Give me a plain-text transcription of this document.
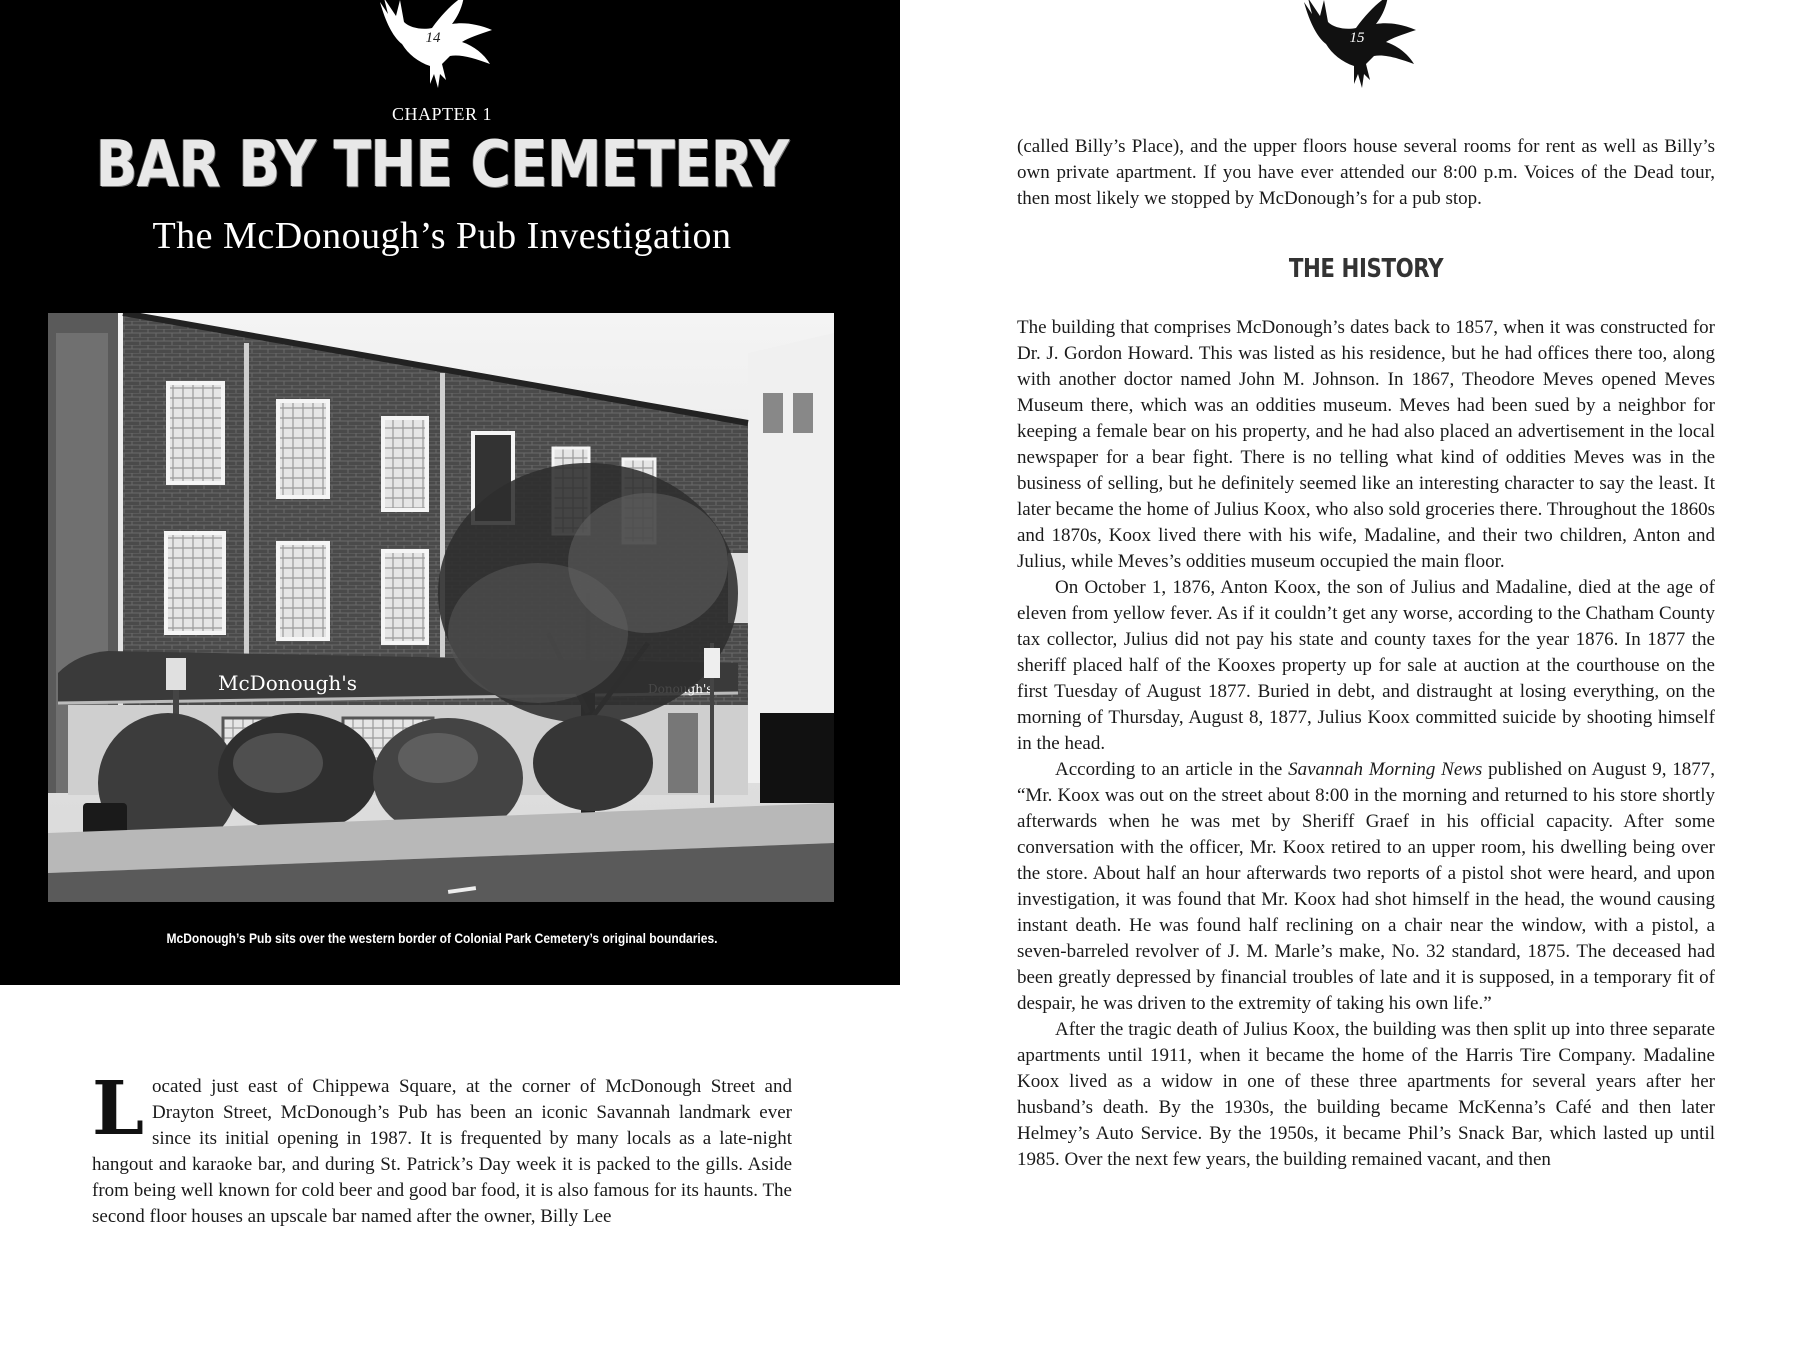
14
CHAPTER 1
BAR BY THE CEMETERY
The McDonough’s Pub Investigation
McDonough's
McDonough’s Pub sits over the western border of Colonial Park Cemetery’s original boundaries.
Located just east of Chippewa Square, at the corner of McDonough Street and Drayton Street, McDonough’s Pub has been an iconic Savannah landmark ever since its initial opening in 1987. It is frequented by many locals as a late-night hangout and karaoke bar, and during St. Patrick’s Day week it is packed to the gills. Aside from being well known for cold beer and good bar food, it is also famous for its haunts. The second floor houses an upscale bar named after the owner, Billy Lee
(called Billy’s Place), and the upper floors house several rooms for rent as well as Billy’s own private apartment. If you have ever attended our 8:00 p.m. Voices of the Dead tour, then most likely we stopped by McDonough’s for a pub stop.
THE HISTORY

The building that comprises McDonough’s dates back to 1857, when it was constructed for Dr. J. Gordon Howard. This was listed as his residence, but he had offices there too, along with another doctor named John M. Johnson. In 1867, Theodore Meves opened Meves Museum there, which was an oddities museum. Meves had been sued by a neighbor for keeping a female bear on his property, and he had also placed an advertisement in the local newspaper for a bear fight. There is no telling what kind of oddities Meves was in the business of selling, but he definitely seemed like an interesting character to say the least. It later became the home of Julius Koox, who also sold groceries there. Throughout the 1860s and 1870s, Koox lived there with his wife, Madaline, and their two children, Anton and Julius, while Meves’s oddities museum occupied the main floor.

On October 1, 1876, Anton Koox, the son of Julius and Madaline, died at the age of eleven from yellow fever. As if it couldn’t get any worse, according to the Chatham County tax collector, Julius did not pay his state and county taxes for the year 1876. In 1877 the sheriff placed half of the Kooxes property up for sale at auction at the courthouse on the first Tuesday of August 1877. Buried in debt, and distraught at losing everything, on the morning of Thursday, August 8, 1877, Julius Koox committed suicide by shooting himself in the head.

According to an article in the Savannah Morning News published on August 9, 1877, “Mr. Koox was out on the street about 8:00 in the morning and returned to his store shortly afterwards when he was met by Sheriff Graef in his official capacity. After some conversation with the officer, Mr. Koox retired to an upper room, his dwelling being over the store. About half an hour afterwards two reports of a pistol shot were heard, and upon investigation, it was found that Mr. Koox had shot himself in the head, the wound causing instant death. He was found half reclining on a chair near the window, with a pistol, a seven-barreled revolver of J. M. Marle’s make, No. 32 standard, 1875. The deceased had been greatly depressed by financial troubles of late and it is supposed, in a temporary fit of despair, he was driven to the extremity of taking his own life.”

After the tragic death of Julius Koox, the building was then split up into three separate apartments until 1911, when it became the home of the Harris Tire Company. Madaline Koox lived as a widow in one of these three apartments for several years after her husband’s death. By the 1930s, the building became McKenna’s Café and then later Helmey’s Auto Service. By the 1950s, it became Phil’s Snack Bar, which lasted up until 1985. Over the next few years, the building remained vacant, and then

15
